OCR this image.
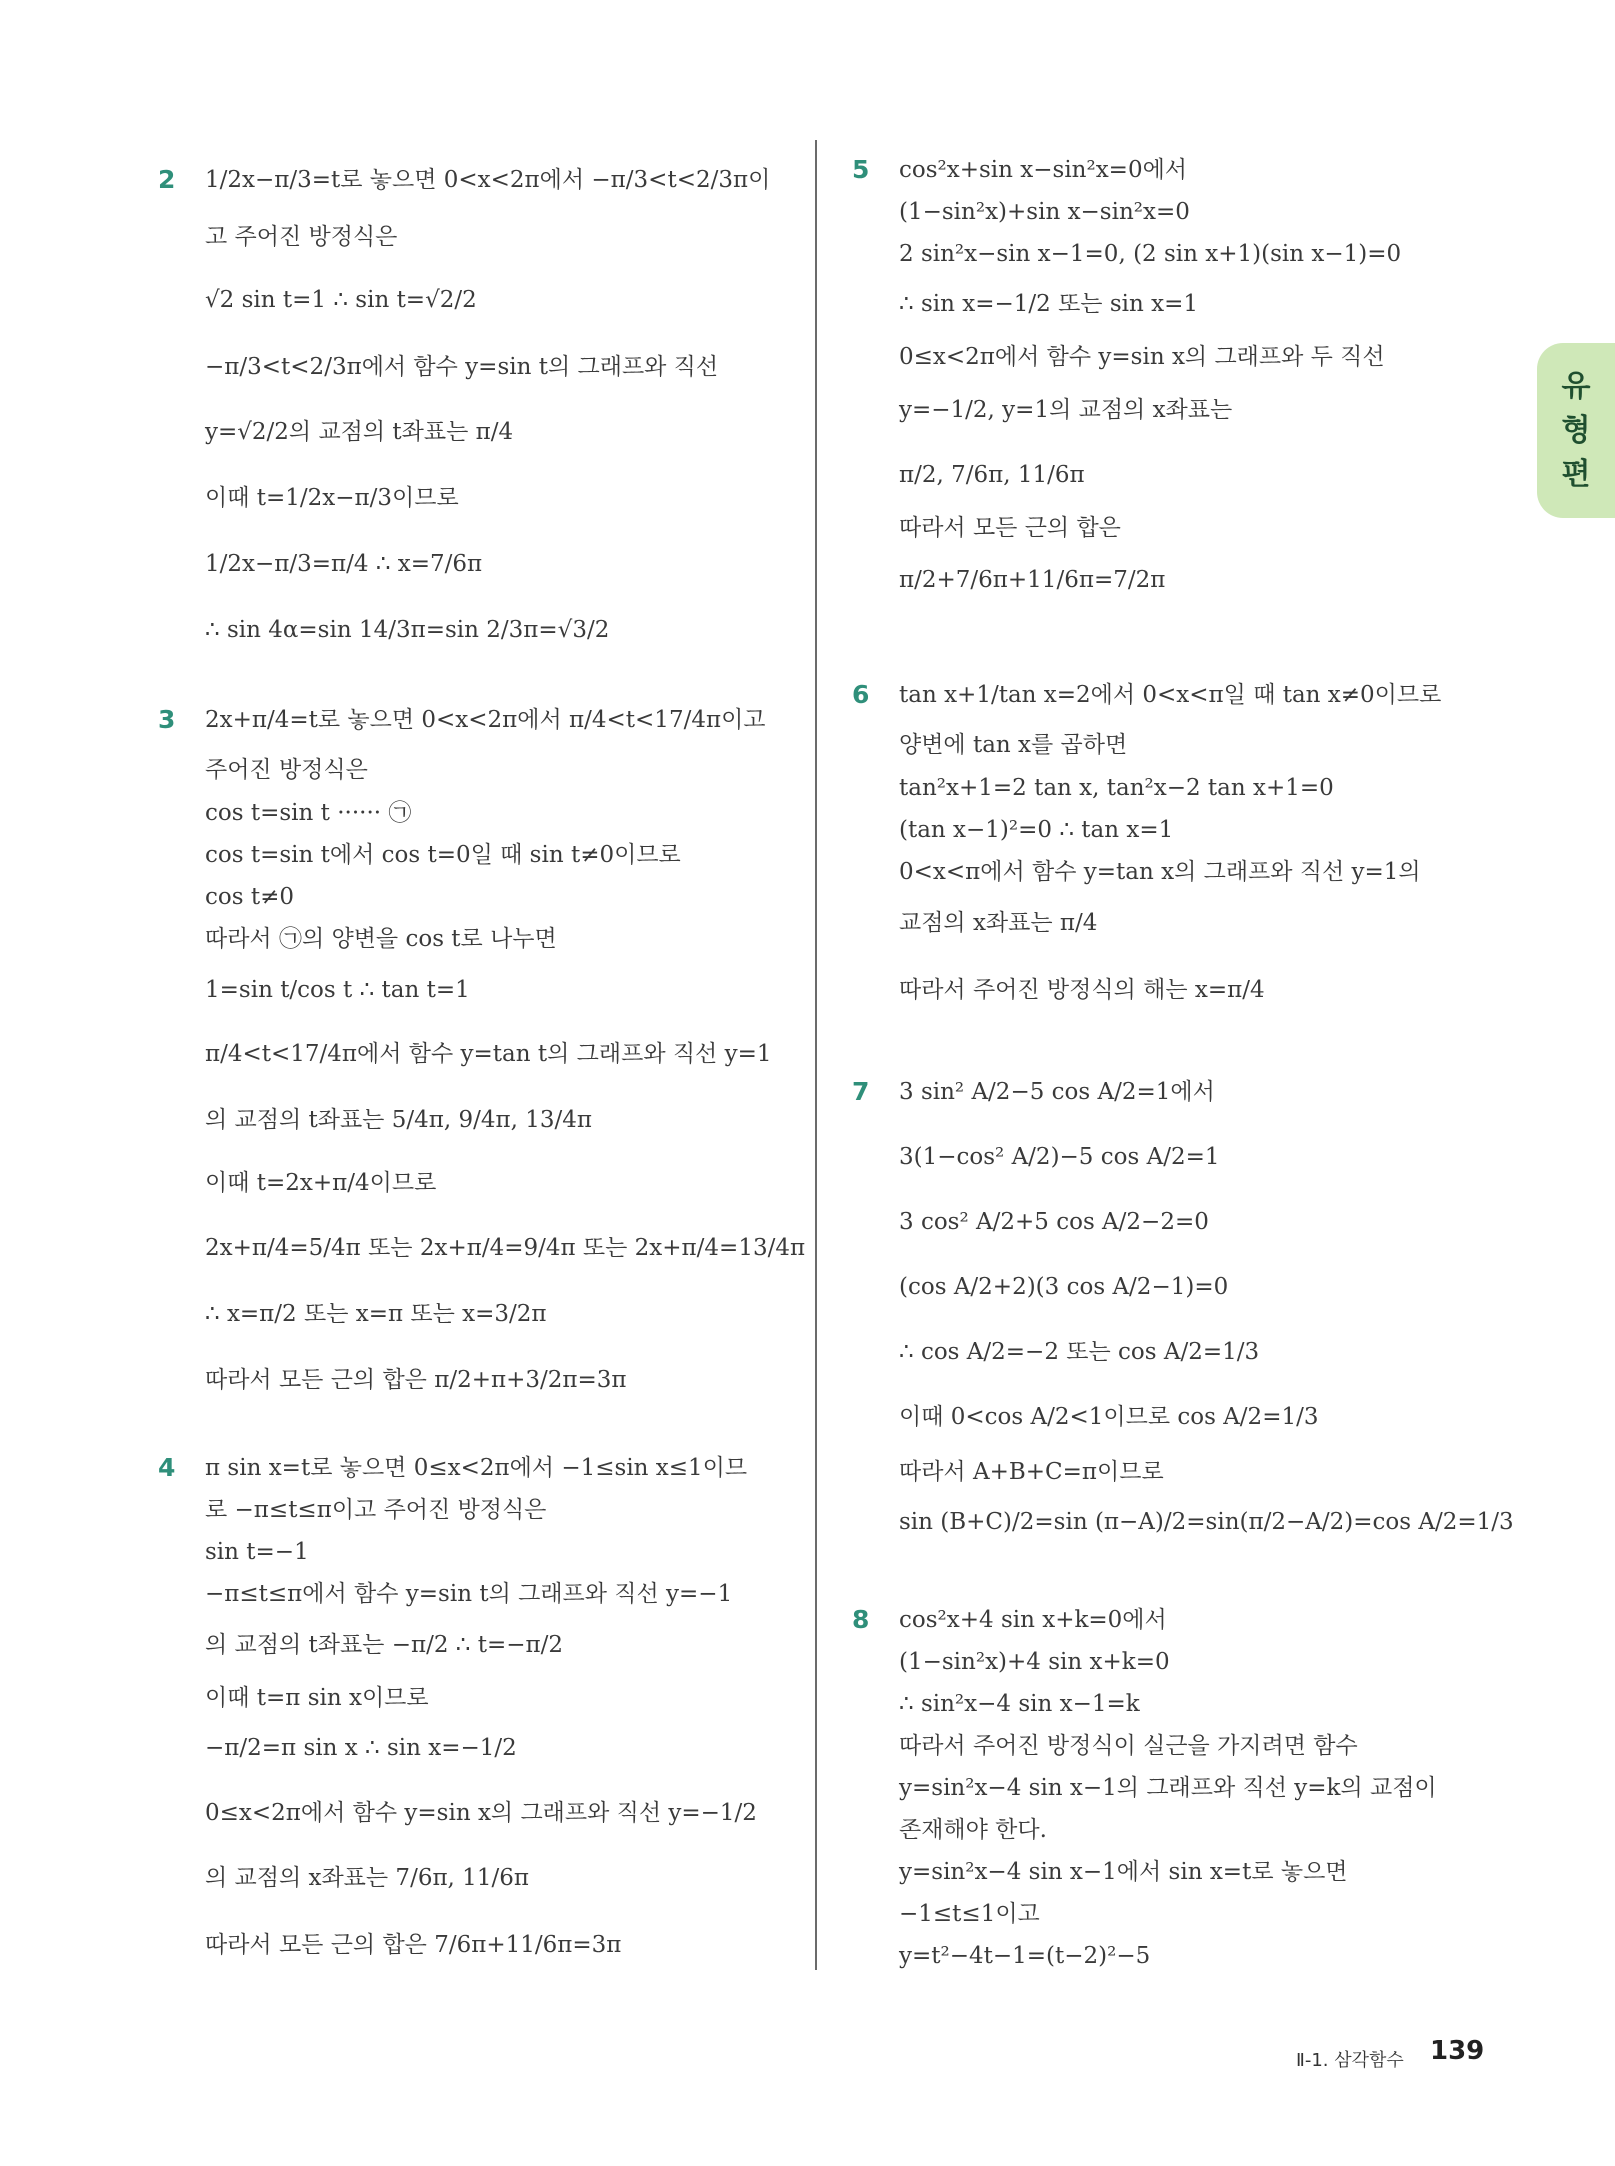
2 1/2x−π/3=t로 놓으면 0<x<2π에서 −π/3<t<2/3π이
고 주어진 방정식은
√2 sin t=1 ∴ sin t=√2/2
−π/3<t<2/3π에서 함수 y=sin t의 그래프와 직선
y=√2/2의 교점의 t좌표는 π/4
이때 t=1/2x−π/3이므로
1/2x−π/3=π/4 ∴ x=7/6π
∴ sin 4α=sin 14/3π=sin 2/3π=√3/2
3 2x+π/4=t로 놓으면 0<x<2π에서 π/4<t<17/4π이고
주어진 방정식은
cos t=sin t ······ ㉠
cos t=sin t에서 cos t=0일 때 sin t≠0이므로
cos t≠0
따라서 ㉠의 양변을 cos t로 나누면
1=sin t/cos t ∴ tan t=1
π/4<t<17/4π에서 함수 y=tan t의 그래프와 직선 y=1
의 교점의 t좌표는 5/4π, 9/4π, 13/4π
이때 t=2x+π/4이므로
2x+π/4=5/4π 또는 2x+π/4=9/4π 또는 2x+π/4=13/4π
∴ x=π/2 또는 x=π 또는 x=3/2π
따라서 모든 근의 합은 π/2+π+3/2π=3π
4 π sin x=t로 놓으면 0≤x<2π에서 −1≤sin x≤1이므
로 −π≤t≤π이고 주어진 방정식은
sin t=−1
−π≤t≤π에서 함수 y=sin t의 그래프와 직선 y=−1
의 교점의 t좌표는 −π/2 ∴ t=−π/2
이때 t=π sin x이므로
−π/2=π sin x ∴ sin x=−1/2
0≤x<2π에서 함수 y=sin x의 그래프와 직선 y=−1/2
의 교점의 x좌표는 7/6π, 11/6π
따라서 모든 근의 합은 7/6π+11/6π=3π
5 cos²x+sin x−sin²x=0에서
(1−sin²x)+sin x−sin²x=0
2 sin²x−sin x−1=0, (2 sin x+1)(sin x−1)=0
∴ sin x=−1/2 또는 sin x=1
0≤x<2π에서 함수 y=sin x의 그래프와 두 직선
y=−1/2, y=1의 교점의 x좌표는
π/2, 7/6π, 11/6π
따라서 모든 근의 합은
π/2+7/6π+11/6π=7/2π
6 tan x+1/tan x=2에서 0<x<π일 때 tan x≠0이므로
양변에 tan x를 곱하면
tan²x+1=2 tan x, tan²x−2 tan x+1=0
(tan x−1)²=0 ∴ tan x=1
0<x<π에서 함수 y=tan x의 그래프와 직선 y=1의
교점의 x좌표는 π/4
따라서 주어진 방정식의 해는 x=π/4
7 3 sin² A/2−5 cos A/2=1에서
3(1−cos² A/2)−5 cos A/2=1
3 cos² A/2+5 cos A/2−2=0
(cos A/2+2)(3 cos A/2−1)=0
∴ cos A/2=−2 또는 cos A/2=1/3
이때 0<cos A/2<1이므로 cos A/2=1/3
따라서 A+B+C=π이므로
sin (B+C)/2=sin (π−A)/2=sin(π/2−A/2)=cos A/2=1/3
8 cos²x+4 sin x+k=0에서
(1−sin²x)+4 sin x+k=0
∴ sin²x−4 sin x−1=k
따라서 주어진 방정식이 실근을 가지려면 함수
y=sin²x−4 sin x−1의 그래프와 직선 y=k의 교점이
존재해야 한다.
y=sin²x−4 sin x−1에서 sin x=t로 놓으면
−1≤t≤1이고
y=t²−4t−1=(t−2)²−5
유
형
편
Ⅱ-1. 삼각함수 139
